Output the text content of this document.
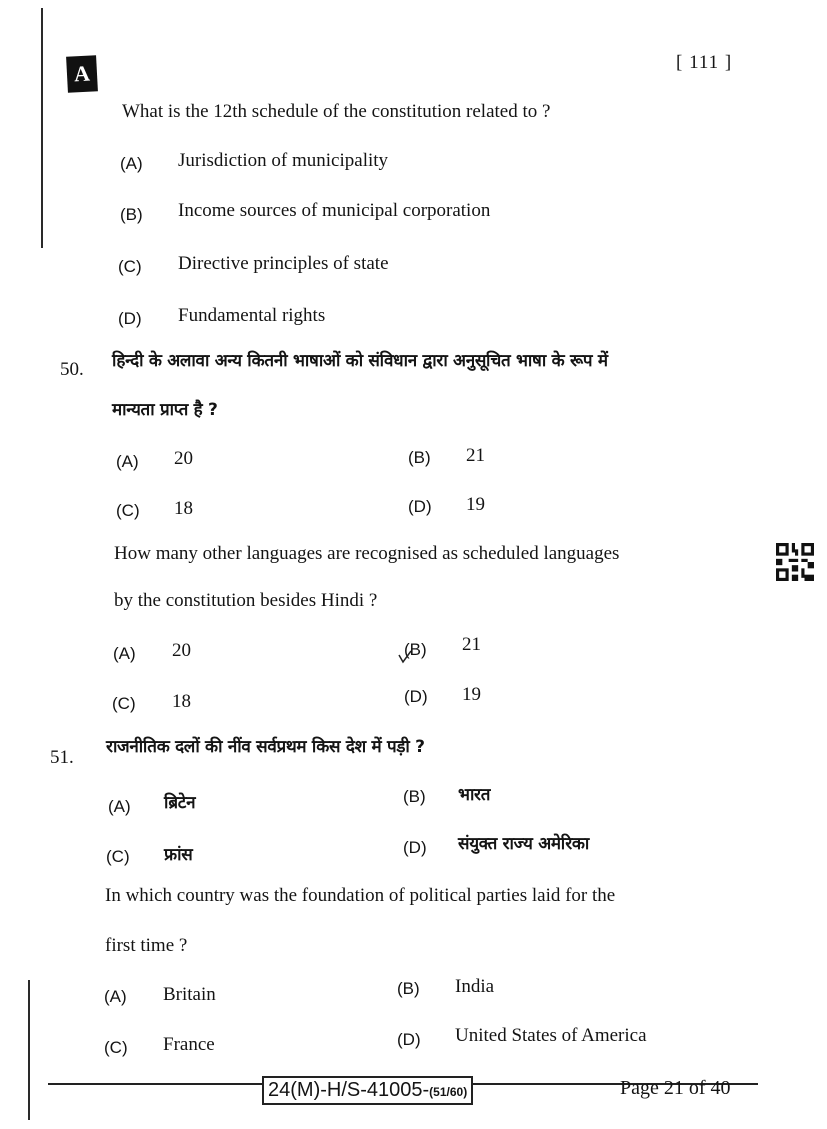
A	[ 111 ]
What is the 12th schedule of the constitution related to ?
(A) Jurisdiction of municipality
(B) Income sources of municipal corporation
(C) Directive principles of state
(D) Fundamental rights
50. हिन्दी के अलावा अन्य कितनी भाषाओं को संविधान द्वारा अनुसूचित भाषा के रूप में
मान्यता प्राप्त है ?
(A) 20	(B) 21
(C) 18	(D) 19
How many other languages are recognised as scheduled languages
by the constitution besides Hindi ?
(A) 20	(B) 21
(C) 18	(D) 19
51. राजनीतिक दलों की नींव सर्वप्रथम किस देश में पड़ी ?
(A) ब्रिटेन	(B) भारत
(C) फ्रांस	(D) संयुक्त राज्य अमेरिका
In which country was the foundation of political parties laid for the
first time ?
(A) Britain	(B) India
(C) France	(D) United States of America
24(M)-H/S-41005-(51/60)	Page 21 of 40
